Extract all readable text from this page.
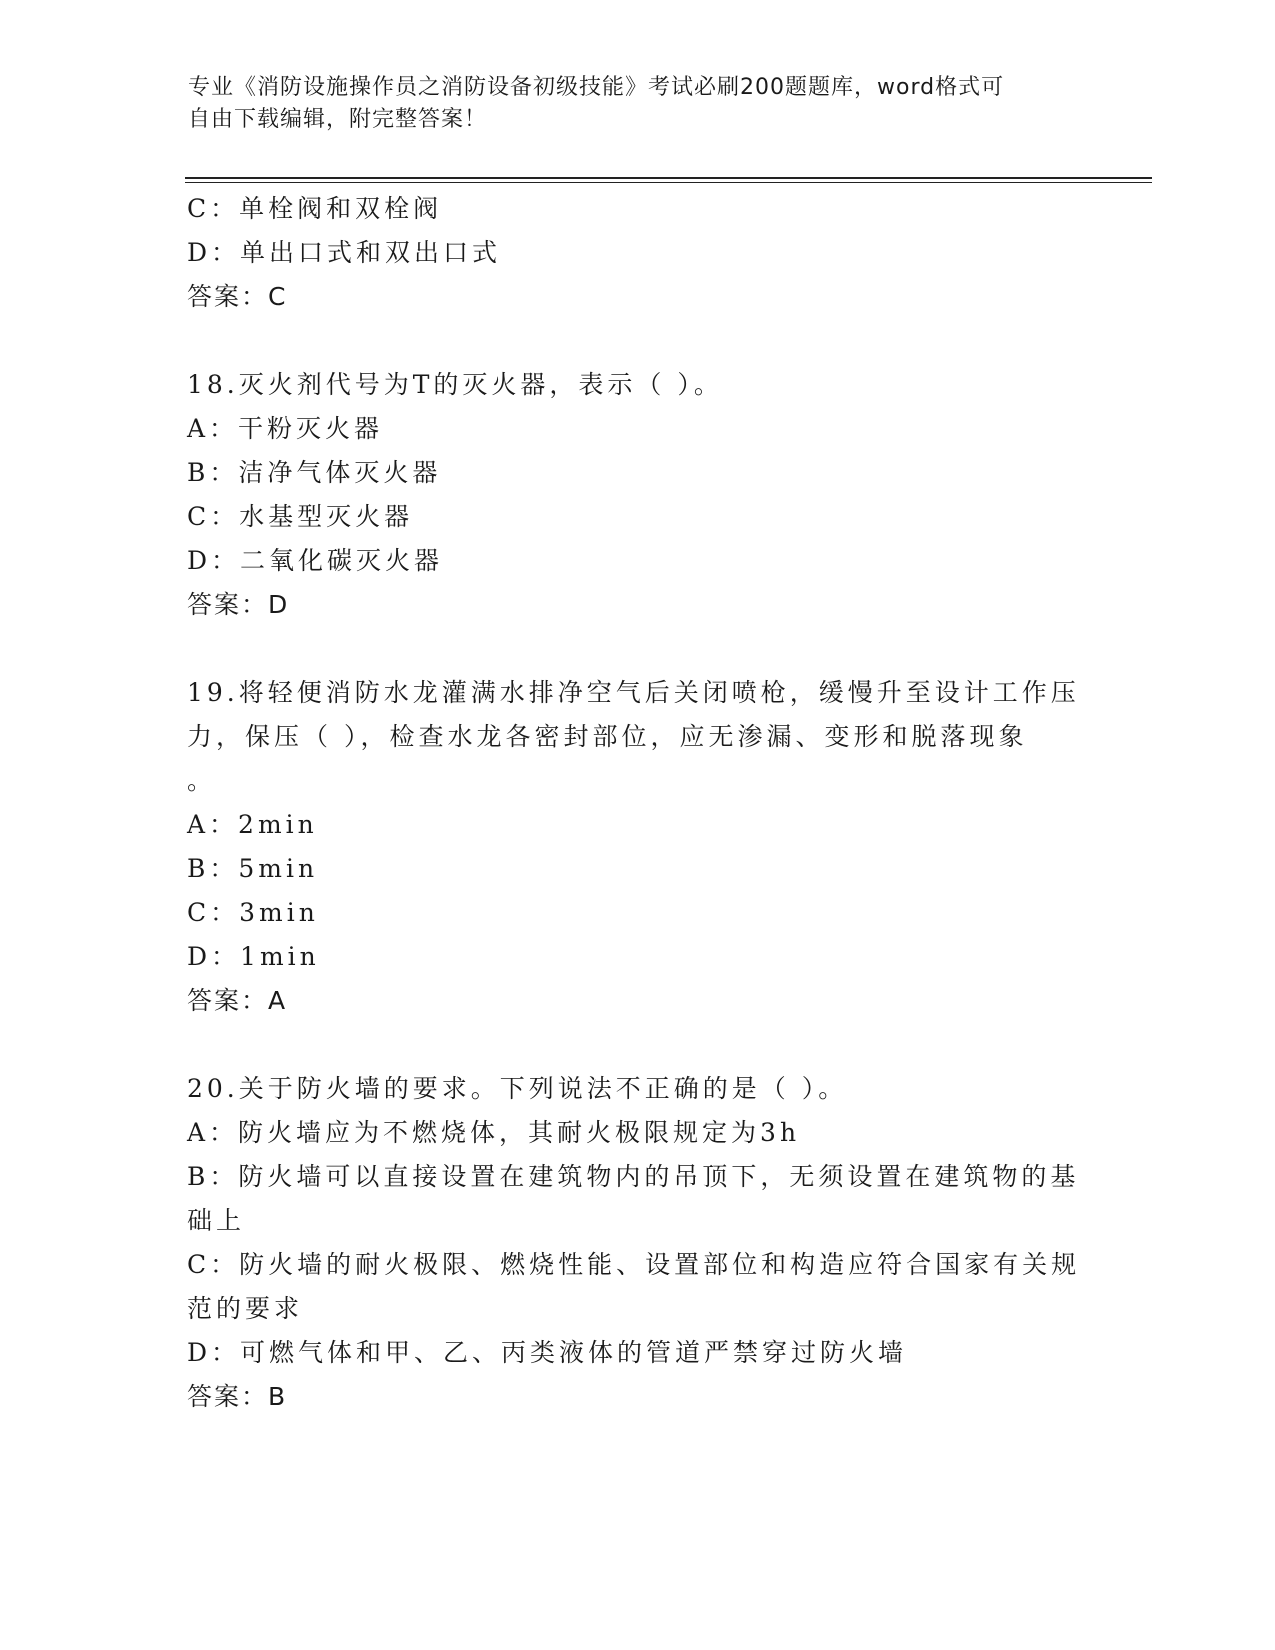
专业《消防设施操作员之消防设备初级技能》考试必刷200题题库，word格式可
自由下载编辑，附完整答案！
C：单栓阀和双栓阀
D：单出口式和双出口式
答案：C
18.灭火剂代号为T的灭火器，表示（ ）。
A：干粉灭火器
B：洁净气体灭火器
C：水基型灭火器
D：二氧化碳灭火器
答案：D
19.将轻便消防水龙灌满水排净空气后关闭喷枪，缓慢升至设计工作压
力，保压（ ），检查水龙各密封部位，应无渗漏、变形和脱落现象
。
A：2min
B：5min
C：3min
D：1min
答案：A
20.关于防火墙的要求。下列说法不正确的是（ ）。
A：防火墙应为不燃烧体，其耐火极限规定为3h
B：防火墙可以直接设置在建筑物内的吊顶下，无须设置在建筑物的基
础上
C：防火墙的耐火极限、燃烧性能、设置部位和构造应符合国家有关规
范的要求
D：可燃气体和甲、乙、丙类液体的管道严禁穿过防火墙
答案：B
